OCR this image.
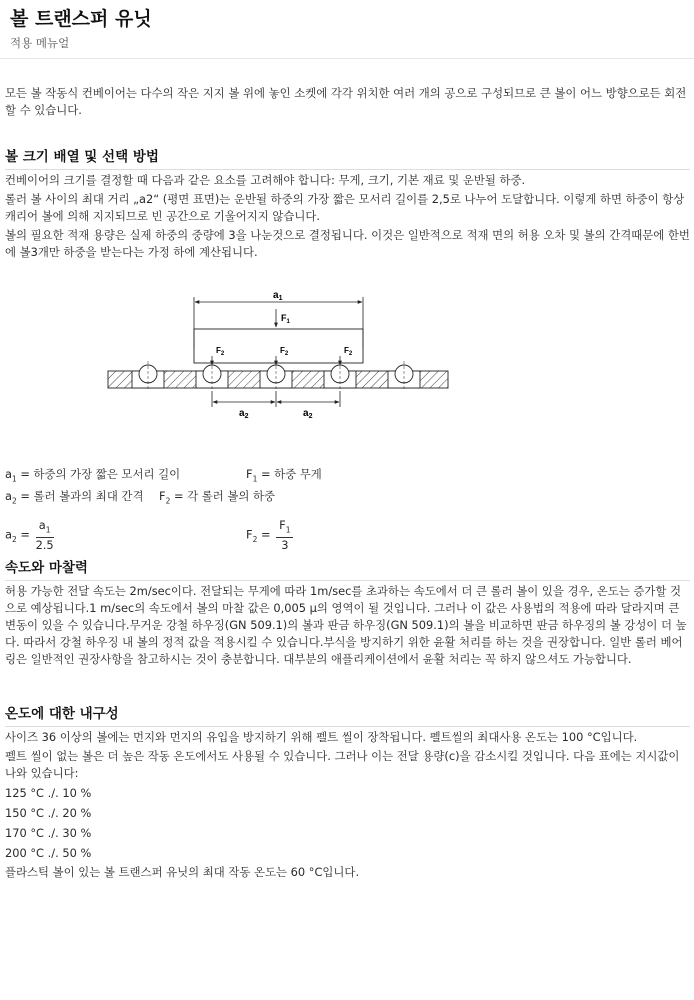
볼 트랜스퍼 유닛
적용 메뉴얼

모든 볼 작동식 컨베이어는 다수의 작은 지지 볼 위에 놓인 소켓에 각각 위치한 여러 개의 공으로 구성되므로 큰 볼이 어느 방향으로든 회전할 수 있습니다.

볼 크기 배열 및 선택 방법

컨베이어의 크기를 결정할 때 다음과 같은 요소를 고려해야 합니다: 무게, 크기, 기본 재료 및 운반될 하중.

롤러 볼 사이의 최대 거리 „a2“ (평면 표면)는 운반될 하중의 가장 짧은 모서리 길이를 2,5로 나누어 도달합니다. 이렇게 하면 하중이 항상 캐리어 볼에 의해 지지되므로 빈 공간으로 기울어지지 않습니다.

볼의 필요한 적재 용량은 실제 하중의 중량에 3을 나눈것으로 결정됩니다. 이것은 일반적으로 적재 면의 허용 오차 및 볼의 간격때문에 한번에 볼3개만 하중을 받는다는 가정 하에 계산됩니다.

$a_1$
$F_1$
$a_2$	$a_2$
$F_2$	$F_2$	$F_2$
$a_1$ = 하중의 가장 짧은 모서리 길이	$F_1$ = 하중 무게
$a_2$ = 롤러 볼과의 최대 간격 $F_2$ = 각 롤러 볼의 하중
$a_2 = \frac{a_1}{2.5}$	$F_2 = \frac{F_1}{3}$
속도와 마찰력

허용 가능한 전달 속도는 2m/sec이다. 전달되는 무게에 따라 1m/sec를 초과하는 속도에서 더 큰 롤러 볼이 있을 경우, 온도는 증가할 것으로 예상됩니다.1 m/sec의 속도에서 볼의 마찰 값은 0,005 µ의 영역이 될 것입니다. 그러나 이 값은 사용법의 적용에 따라 달라지며 큰 변동이 있을 수 있습니다.무거운 강철 하우징(GN 509.1)의 볼과 판금 하우징(GN 509.1)의 볼을 비교하면 판금 하우징의 볼 강성이 더 높다. 따라서 강철 하우징 내 볼의 정적 값을 적용시킬 수 있습니다.부식을 방지하기 위한 윤활 처리를 하는 것을 권장합니다. 일반 롤러 베어링은 일반적인 권장사항을 참고하시는 것이 충분합니다. 대부분의 애플리케이션에서 윤활 처리는 꼭 하지 않으셔도 가능합니다.

온도에 대한 내구성

사이즈 36 이상의 볼에는 먼지와 먼지의 유입을 방지하기 위해 펠트 씰이 장착됩니다. 펠트씰의 최대사용 온도는 100 °C입니다.

펠트 씰이 없는 볼은 더 높은 작동 온도에서도 사용될 수 있습니다. 그러나 이는 전달 용량(c)을 감소시킬 것입니다. 다음 표에는 지시값이 나와 있습니다:

125 °C ./. 10 %

150 °C ./. 20 %

170 °C ./. 30 %

200 °C ./. 50 %

플라스틱 볼이 있는 볼 트랜스퍼 유닛의 최대 작동 온도는 60 °C입니다.
